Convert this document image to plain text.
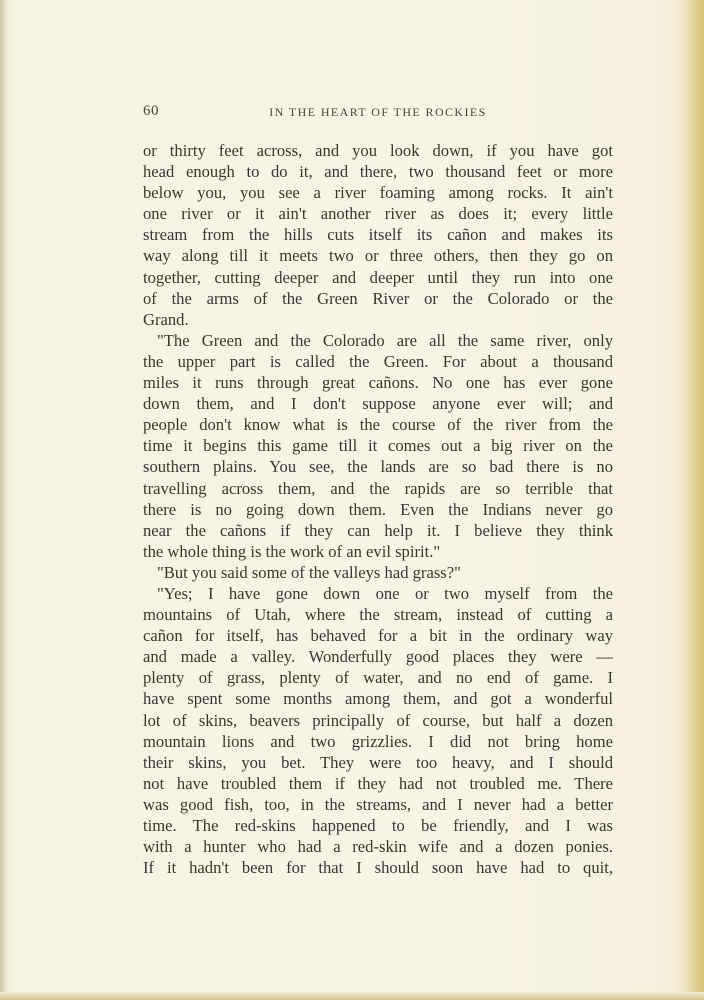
60	IN THE HEART OF THE ROCKIES
or thirty feet across, and you look down, if you have got
head enough to do it, and there, two thousand feet or more
below you, you see a river foaming among rocks. It ain't
one river or it ain't another river as does it; every little
stream from the hills cuts itself its cañon and makes its
way along till it meets two or three others, then they go on
together, cutting deeper and deeper until they run into one
of the arms of the Green River or the Colorado or the
Grand.
"The Green and the Colorado are all the same river, only
the upper part is called the Green. For about a thousand
miles it runs through great cañons. No one has ever gone
down them, and I don't suppose anyone ever will; and
people don't know what is the course of the river from the
time it begins this game till it comes out a big river on the
southern plains. You see, the lands are so bad there is no
travelling across them, and the rapids are so terrible that
there is no going down them. Even the Indians never go
near the cañons if they can help it. I believe they think
the whole thing is the work of an evil spirit."
"But you said some of the valleys had grass?"
"Yes; I have gone down one or two myself from the
mountains of Utah, where the stream, instead of cutting a
cañon for itself, has behaved for a bit in the ordinary way
and made a valley. Wonderfully good places they were —
plenty of grass, plenty of water, and no end of game. I
have spent some months among them, and got a wonderful
lot of skins, beavers principally of course, but half a dozen
mountain lions and two grizzlies. I did not bring home
their skins, you bet. They were too heavy, and I should
not have troubled them if they had not troubled me. There
was good fish, too, in the streams, and I never had a better
time. The red-skins happened to be friendly, and I was
with a hunter who had a red-skin wife and a dozen ponies.
If it hadn't been for that I should soon have had to quit,
